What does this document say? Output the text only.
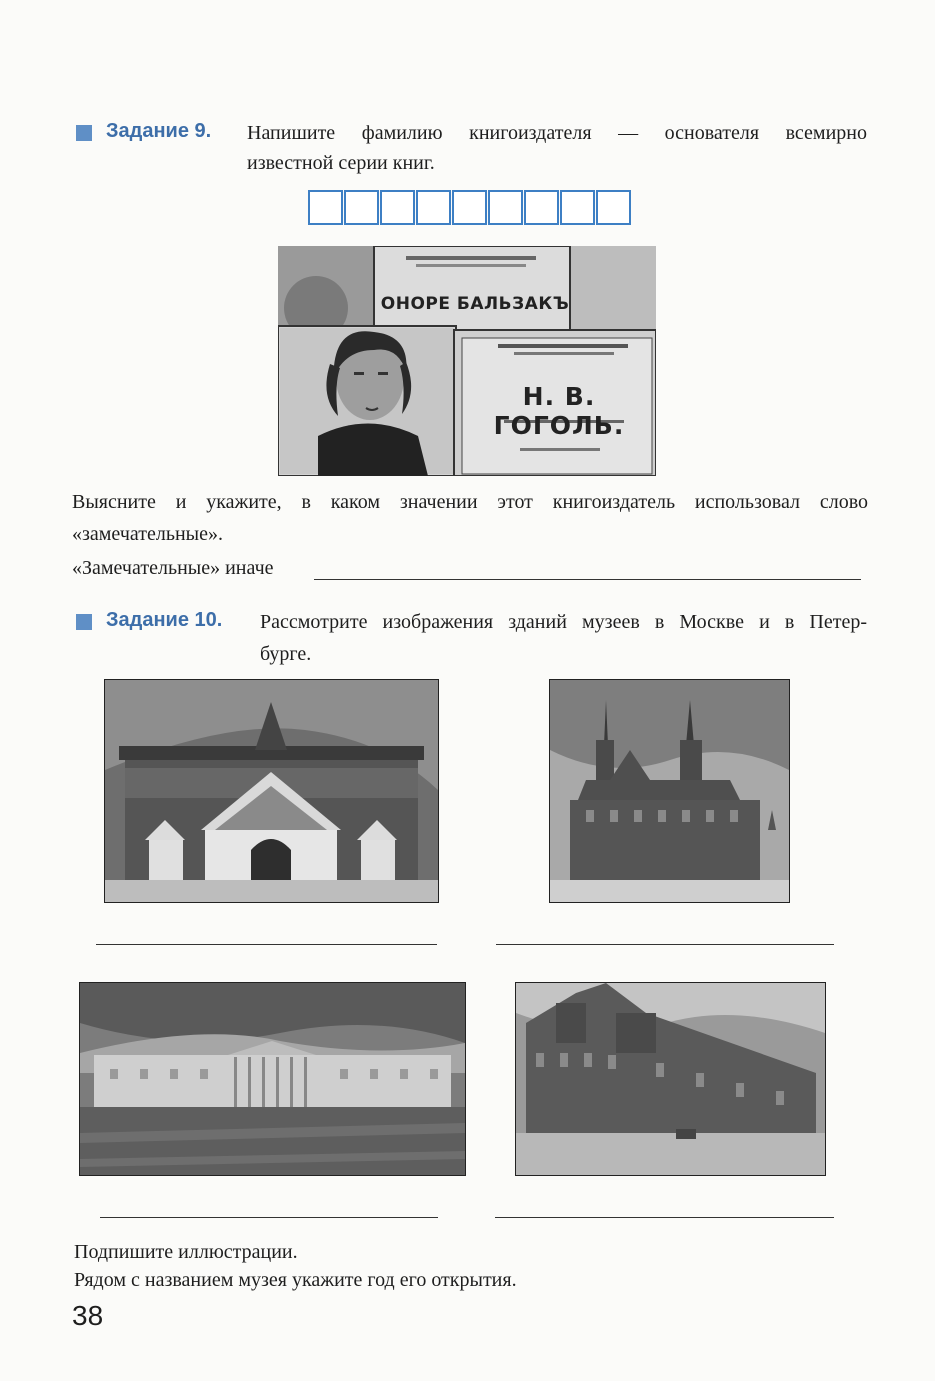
Задание 9. Напишите фамилию книгоиздателя — основателя всемирно
известной серии книг.
ОНОРЕ БАЛЬЗАКЪ
Н. В. ГОГОЛЬ.
Выясните и укажите, в каком значении этот книгоиздатель использовал слово
«замечательные».
«Замечательные» иначе
Задание 10. Рассмотрите изображения зданий музеев в Москве и в Петер-
бурге.
Подпишите иллюстрации.
Рядом с названием музея укажите год его открытия.
38
